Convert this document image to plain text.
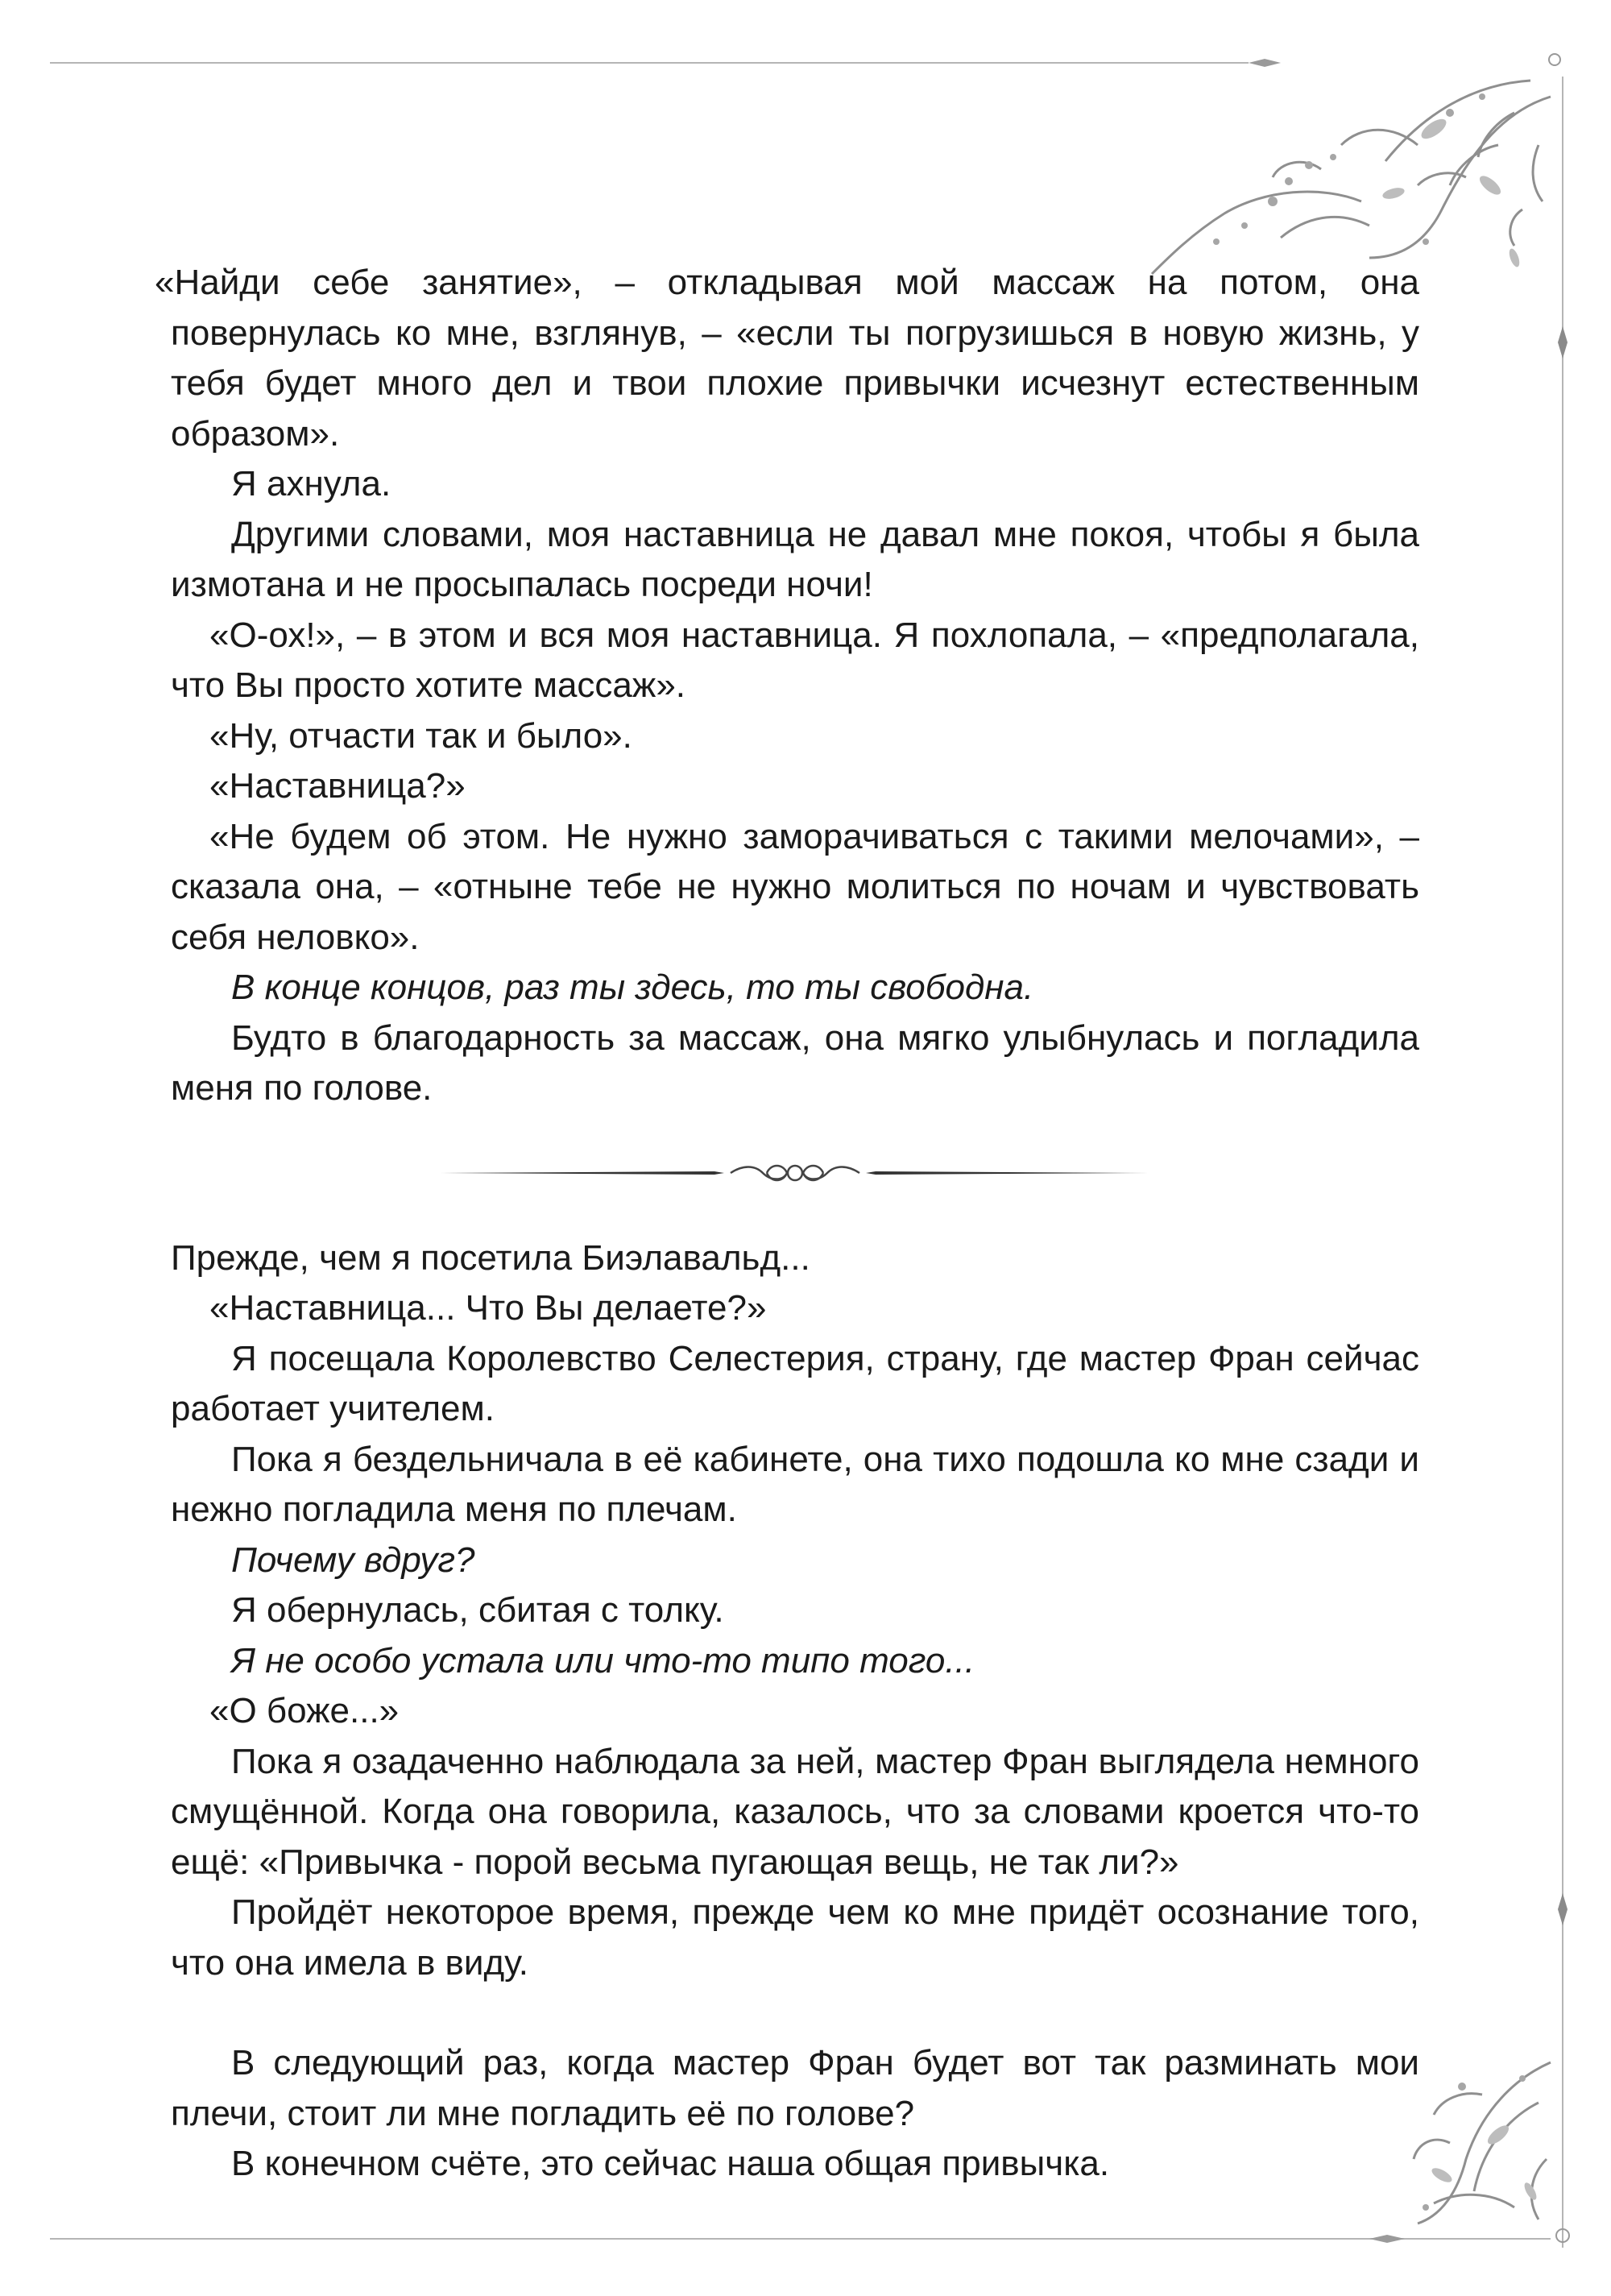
«Найди себе занятие», – откладывая мой массаж на потом, она повернулась ко мне, взглянув, – «если ты погрузишься в новую жизнь, у тебя будет много дел и твои плохие привычки исчезнут естественным образом».

Я ахнула.

Другими словами, моя наставница не давал мне покоя, чтобы я была измотана и не просыпалась посреди ночи!

«О-ох!», – в этом и вся моя наставница. Я похлопала, – «предполагала, что Вы просто хотите массаж».

«Ну, отчасти так и было».

«Наставница?»

«Не будем об этом. Не нужно заморачиваться с такими мелочами», – сказала она, – «отныне тебе не нужно молиться по ночам и чувствовать себя неловко».

В конце концов, раз ты здесь, то ты свободна.

Будто в благодарность за массаж, она мягко улыбнулась и погладила меня по голове.

Прежде, чем я посетила Биэлавальд...

«Наставница... Что Вы делаете?»

Я посещала Королевство Селестерия, страну, где мастер Фран сейчас работает учителем.

Пока я бездельничала в её кабинете, она тихо подошла ко мне сзади и нежно погладила меня по плечам.

Почему вдруг?

Я обернулась, сбитая с толку.

Я не особо устала или что-то типо того...

«О боже...»

Пока я озадаченно наблюдала за ней, мастер Фран выглядела немного смущённой. Когда она говорила, казалось, что за словами кроется что-то ещё: «Привычка - порой весьма пугающая вещь, не так ли?»

Пройдёт некоторое время, прежде чем ко мне придёт осознание того, что она имела в виду.

В следующий раз, когда мастер Фран будет вот так разминать мои плечи, стоит ли мне погладить её по голове?

В конечном счёте, это сейчас наша общая привычка.
